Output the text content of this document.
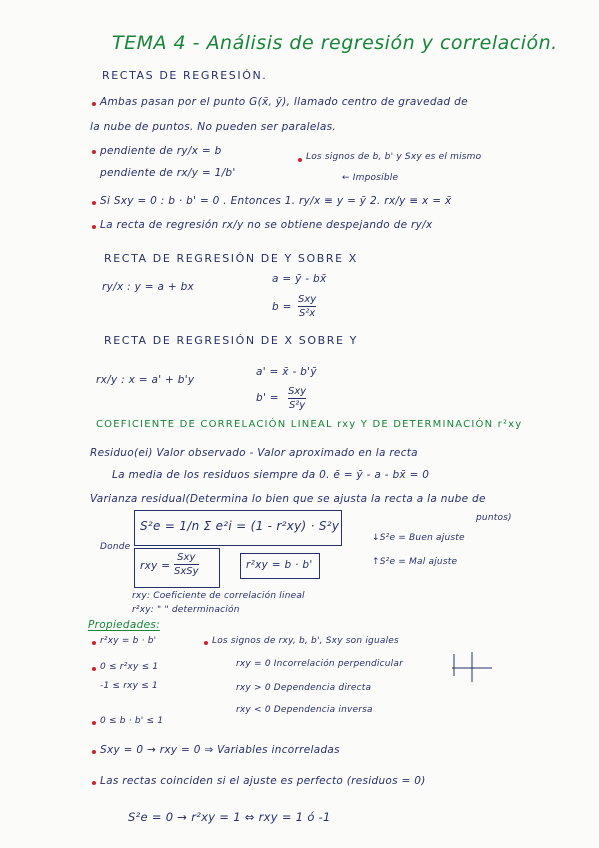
TEMA 4 - Análisis de regresión y correlación.
RECTAS DE REGRESIÓN.
Ambas pasan por el punto G(x̄, ȳ), llamado centro de gravedad de
la nube de puntos. No pueden ser paralelas.
pendiente de ry/x = b
pendiente de rx/y = 1/b'
Los signos de b, b' y Sxy es el mismo
← Imposible
Si Sxy = 0 : b · b' = 0 . Entonces 1. ry/x ≡ y = ȳ 2. rx/y ≡ x = x̄
La recta de regresión rx/y no se obtiene despejando de ry/x
RECTA DE REGRESIÓN DE Y SOBRE X
ry/x : y = a + bx
a = ȳ - bx̄
b =
Sxy
S²x
RECTA DE REGRESIÓN DE X SOBRE Y
rx/y : x = a' + b'y
a' = x̄ - b'ȳ
b' =
Sxy
S²y
COEFICIENTE DE CORRELACIÓN LINEAL rxy Y DE DETERMINACIÓN r²xy
Residuo(ei) Valor observado - Valor aproximado en la recta
La media de los residuos siempre da 0. ē = ȳ - a - bx̄ = 0
Varianza residual(Determina lo bien que se ajusta la recta a la nube de
puntos)
S²e = 1/n Σ e²i = (1 - r²xy) · S²y
↓S²e = Buen ajuste
↑S²e = Mal ajuste
Donde
rxy =
Sxy
SxSy
r²xy = b · b'
rxy: Coeficiente de correlación lineal
r²xy: " " determinación
Propiedades:
r²xy = b · b'	Los signos de rxy, b, b', Sxy son iguales
0 ≤ r²xy ≤ 1
-1 ≤ rxy ≤ 1
rxy = 0 Incorrelación perpendicular
rxy > 0 Dependencia directa
rxy < 0 Dependencia inversa
0 ≤ b · b' ≤ 1
Sxy = 0 → rxy = 0 ⇒ Variables incorreladas
Las rectas coinciden si el ajuste es perfecto (residuos = 0)
S²e = 0 → r²xy = 1 ⇔ rxy = 1 ó -1
